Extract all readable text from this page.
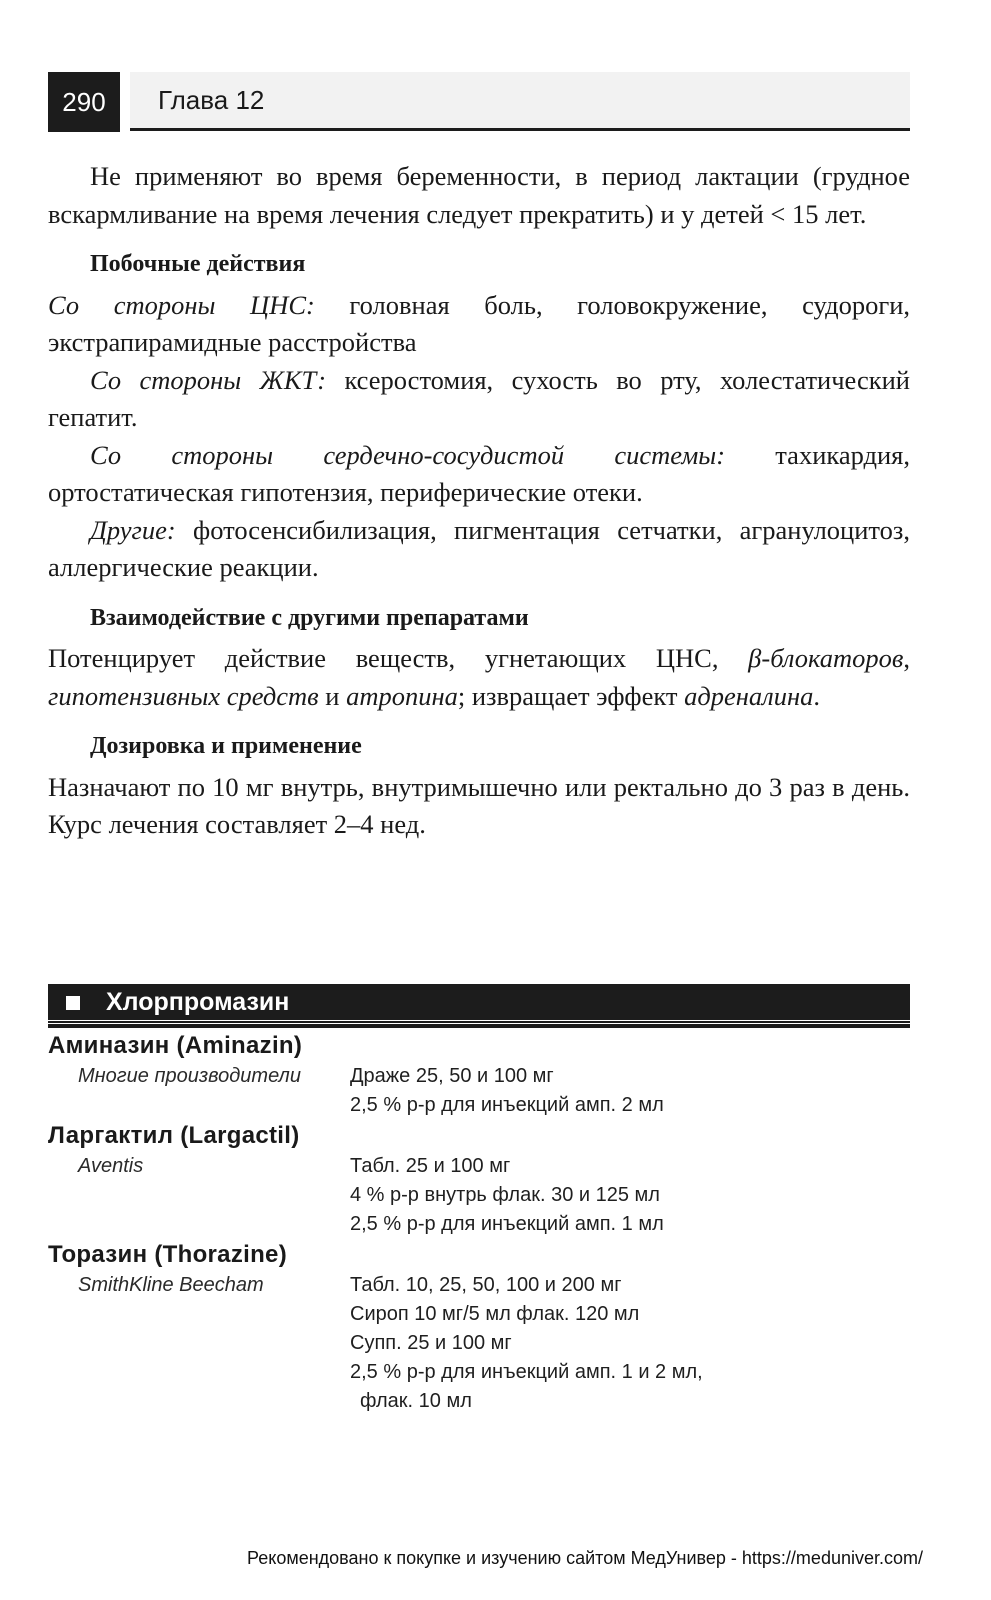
290	Глава 12

Не применяют во время беременности, в период лактации (грудное вскармливание на время лечения следует прекратить) и у детей < 15 лет.

Побочные действия

Со стороны ЦНС: головная боль, головокружение, судороги, экстрапирамидные расстройства

Со стороны ЖКТ: ксеростомия, сухость во рту, холестатический гепатит.

Со стороны сердечно-сосудистой системы: тахикардия, ортостатическая гипотензия, периферические отеки.

Другие: фотосенсибилизация, пигментация сетчатки, агранулоцитоз, аллергические реакции.

Взаимодействие с другими препаратами

Потенцирует действие веществ, угнетающих ЦНС, β-блокаторов, гипотензивных средств и атропина; извращает эффект адреналина.

Дозировка и применение

Назначают по 10 мг внутрь, внутримышечно или ректально до 3 раз в день. Курс лечения составляет 2–4 нед.

Хлорпромазин
Аминазин (Aminazin)
Многие производители	Драже 25, 50 и 100 мг
2,5 % р-р для инъекций амп. 2 мл
Ларгактил (Largactil)
Aventis	Табл. 25 и 100 мг
4 % р-р внутрь флак. 30 и 125 мл
2,5 % р-р для инъекций амп. 1 мл
Торазин (Thorazine)
SmithKline Beecham	Табл. 10, 25, 50, 100 и 200 мг
Сироп 10 мг/5 мл флак. 120 мл
Супп. 25 и 100 мг
2,5 % р-р для инъекций амп. 1 и 2 мл,
флак. 10 мл
Рекомендовано к покупке и изучению сайтом МедУнивер - https://meduniver.com/
